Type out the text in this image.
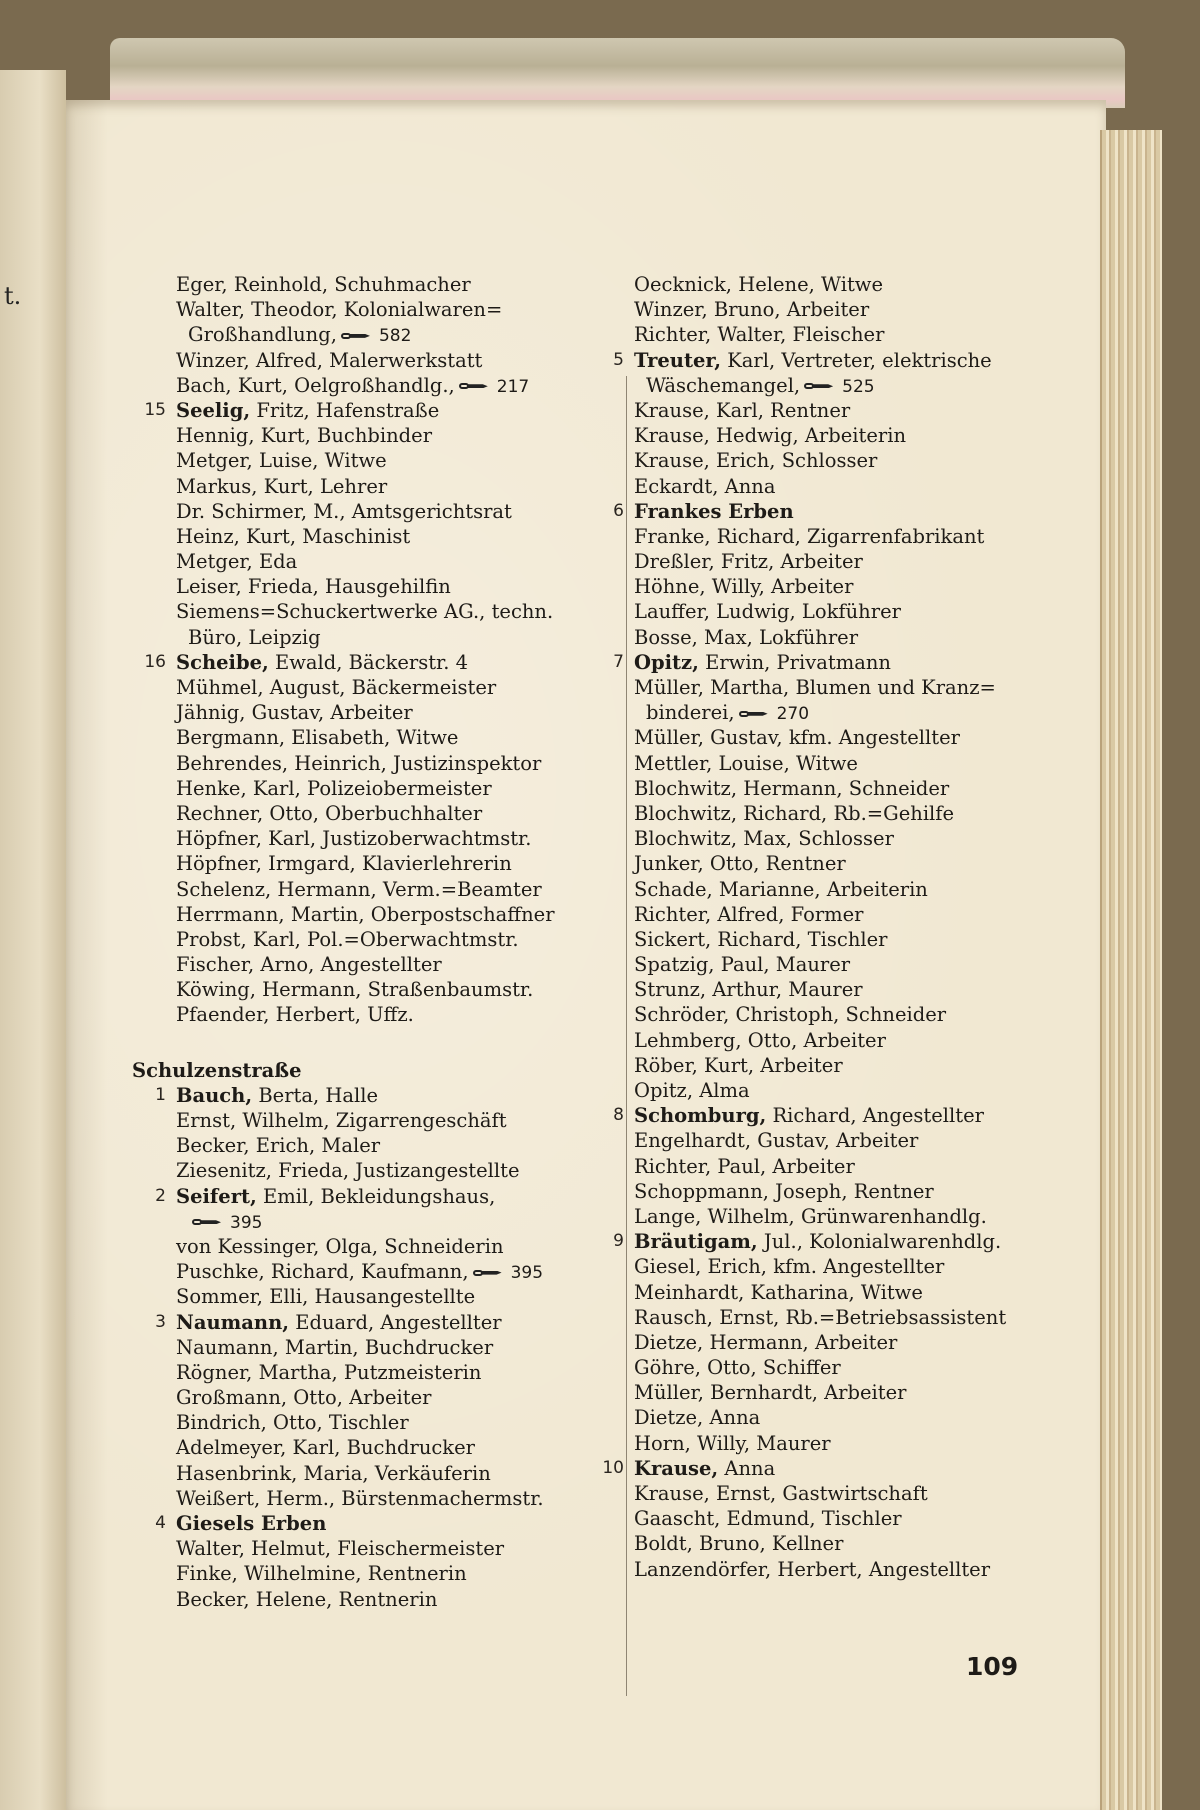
t.	Eger, Reinhold, Schuhmacher
Walter, Theodor, Kolonialwaren=
Großhandlung, 582
Winzer, Alfred, Malerwerkstatt
Bach, Kurt, Oelgroßhandlg., 217
15 Seelig, Fritz, Hafenstraße
Hennig, Kurt, Buchbinder
Metger, Luise, Witwe
Markus, Kurt, Lehrer
Dr. Schirmer, M., Amtsgerichtsrat
Heinz, Kurt, Maschinist
Metger, Eda
Leiser, Frieda, Hausgehilfin
Siemens=Schuckertwerke AG., techn.
Büro, Leipzig
16 Scheibe, Ewald, Bäckerstr. 4
Mühmel, August, Bäckermeister
Jähnig, Gustav, Arbeiter
Bergmann, Elisabeth, Witwe
Behrendes, Heinrich, Justizinspektor
Henke, Karl, Polizeiobermeister
Rechner, Otto, Oberbuchhalter
Höpfner, Karl, Justizoberwachtmstr.
Höpfner, Irmgard, Klavierlehrerin
Schelenz, Hermann, Verm.=Beamter
Herrmann, Martin, Oberpostschaffner
Probst, Karl, Pol.=Oberwachtmstr.
Fischer, Arno, Angestellter
Köwing, Hermann, Straßenbaumstr.
Pfaender, Herbert, Uffz.
Schulzenstraße
1 Bauch, Berta, Halle
Ernst, Wilhelm, Zigarrengeschäft
Becker, Erich, Maler
Ziesenitz, Frieda, Justizangestellte
2 Seifert, Emil, Bekleidungshaus,
395
von Kessinger, Olga, Schneiderin
Puschke, Richard, Kaufmann, 395
Sommer, Elli, Hausangestellte
3 Naumann, Eduard, Angestellter
Naumann, Martin, Buchdrucker
Rögner, Martha, Putzmeisterin
Großmann, Otto, Arbeiter
Bindrich, Otto, Tischler
Adelmeyer, Karl, Buchdrucker
Hasenbrink, Maria, Verkäuferin
Weißert, Herm., Bürstenmachermstr.
4 Giesels Erben
Walter, Helmut, Fleischermeister
Finke, Wilhelmine, Rentnerin
Becker, Helene, Rentnerin
Oecknick, Helene, Witwe
Winzer, Bruno, Arbeiter
Richter, Walter, Fleischer
5 Treuter, Karl, Vertreter, elektrische
Wäschemangel, 525
Krause, Karl, Rentner
Krause, Hedwig, Arbeiterin
Krause, Erich, Schlosser
Eckardt, Anna
6 Frankes Erben
Franke, Richard, Zigarrenfabrikant
Dreßler, Fritz, Arbeiter
Höhne, Willy, Arbeiter
Lauffer, Ludwig, Lokführer
Bosse, Max, Lokführer
7 Opitz, Erwin, Privatmann
Müller, Martha, Blumen und Kranz=
binderei, 270
Müller, Gustav, kfm. Angestellter
Mettler, Louise, Witwe
Blochwitz, Hermann, Schneider
Blochwitz, Richard, Rb.=Gehilfe
Blochwitz, Max, Schlosser
Junker, Otto, Rentner
Schade, Marianne, Arbeiterin
Richter, Alfred, Former
Sickert, Richard, Tischler
Spatzig, Paul, Maurer
Strunz, Arthur, Maurer
Schröder, Christoph, Schneider
Lehmberg, Otto, Arbeiter
Röber, Kurt, Arbeiter
Opitz, Alma
8 Schomburg, Richard, Angestellter
Engelhardt, Gustav, Arbeiter
Richter, Paul, Arbeiter
Schoppmann, Joseph, Rentner
Lange, Wilhelm, Grünwarenhandlg.
9 Bräutigam, Jul., Kolonialwarenhdlg.
Giesel, Erich, kfm. Angestellter
Meinhardt, Katharina, Witwe
Rausch, Ernst, Rb.=Betriebsassistent
Dietze, Hermann, Arbeiter
Göhre, Otto, Schiffer
Müller, Bernhardt, Arbeiter
Dietze, Anna
Horn, Willy, Maurer
10 Krause, Anna
Krause, Ernst, Gastwirtschaft
Gaascht, Edmund, Tischler
Boldt, Bruno, Kellner
Lanzendörfer, Herbert, Angestellter
109
